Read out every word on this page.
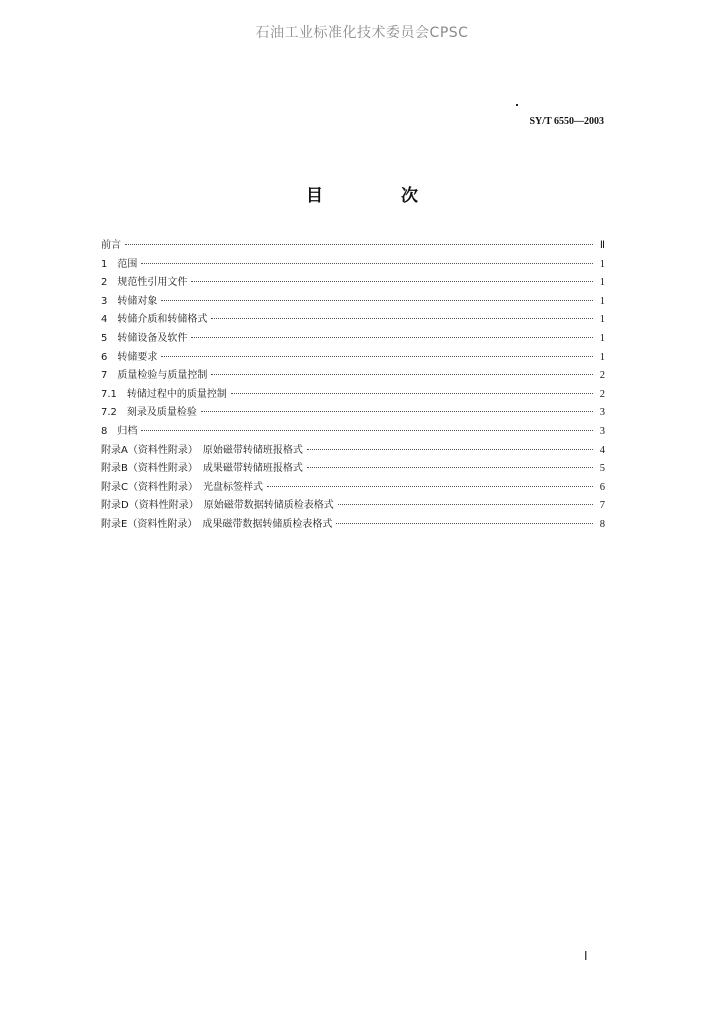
石油工业标准化技术委员会CPSC
SY/T 6550—2003
目 次
前言	Ⅱ
1　范围	1
2　规范性引用文件	1
3　转储对象	1
4　转储介质和转储格式	1
5　转储设备及软件	1
6　转储要求	1
7　质量检验与质量控制	2
7.1　转储过程中的质量控制	2
7.2　刻录及质量检验	3
8　归档	3
附录A（资料性附录）　原始磁带转储班报格式	4
附录B（资料性附录）　成果磁带转储班报格式	5
附录C（资料性附录）　光盘标签样式	6
附录D（资料性附录）　原始磁带数据转储质检表格式	7
附录E（资料性附录）　成果磁带数据转储质检表格式	8
Ⅰ
